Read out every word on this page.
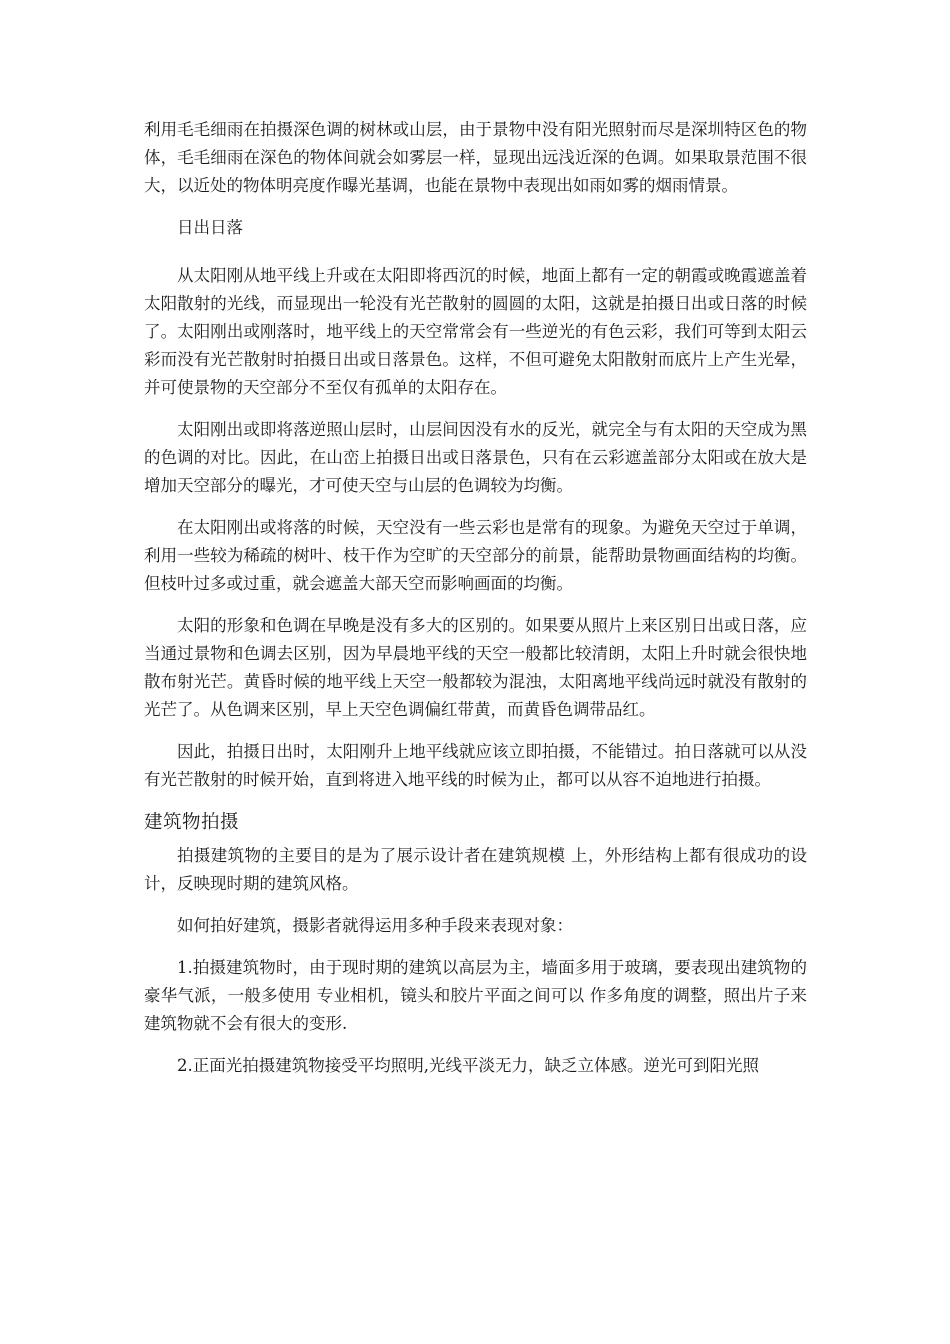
利用毛毛细雨在拍摄深色调的树林或山层，由于景物中没有阳光照射而尽是深圳特区色的物体，毛毛细雨在深色的物体间就会如雾层一样，显现出远浅近深的色调。如果取景范围不很大，以近处的物体明亮度作曝光基调，也能在景物中表现出如雨如雾的烟雨情景。

日出日落

从太阳刚从地平线上升或在太阳即将西沉的时候，地面上都有一定的朝霞或晚霞遮盖着太阳散射的光线，而显现出一轮没有光芒散射的圆圆的太阳，这就是拍摄日出或日落的时候了。太阳刚出或刚落时，地平线上的天空常常会有一些逆光的有色云彩，我们可等到太阳云彩而没有光芒散射时拍摄日出或日落景色。这样，不但可避免太阳散射而底片上产生光晕，并可使景物的天空部分不至仅有孤单的太阳存在。

太阳刚出或即将落逆照山层时，山层间因没有水的反光，就完全与有太阳的天空成为黑的色调的对比。因此，在山峦上拍摄日出或日落景色，只有在云彩遮盖部分太阳或在放大是增加天空部分的曝光，才可使天空与山层的色调较为均衡。

在太阳刚出或将落的时候，天空没有一些云彩也是常有的现象。为避免天空过于单调，利用一些较为稀疏的树叶、枝干作为空旷的天空部分的前景，能帮助景物画面结构的均衡。但枝叶过多或过重，就会遮盖大部天空而影响画面的均衡。

太阳的形象和色调在早晚是没有多大的区别的。如果要从照片上来区别日出或日落，应当通过景物和色调去区别，因为早晨地平线的天空一般都比较清朗，太阳上升时就会很快地散布射光芒。黄昏时候的地平线上天空一般都较为混浊，太阳离地平线尚远时就没有散射的光芒了。从色调来区别，早上天空色调偏红带黄，而黄昏色调带品红。

因此，拍摄日出时，太阳刚升上地平线就应该立即拍摄，不能错过。拍日落就可以从没有光芒散射的时候开始，直到将进入地平线的时候为止，都可以从容不迫地进行拍摄。

建筑物拍摄

拍摄建筑物的主要目的是为了展示设计者在建筑规模 上，外形结构上都有很成功的设计，反映现时期的建筑风格。

如何拍好建筑，摄影者就得运用多种手段来表现对象：

1.拍摄建筑物时，由于现时期的建筑以高层为主，墙面多用于玻璃，要表现出建筑物的豪华气派，一般多使用 专业相机，镜头和胶片平面之间可以 作多角度的调整，照出片子来建筑物就不会有很大的变形.

2.正面光拍摄建筑物接受平均照明,光线平淡无力，缺乏立体感。逆光可到阳光照
